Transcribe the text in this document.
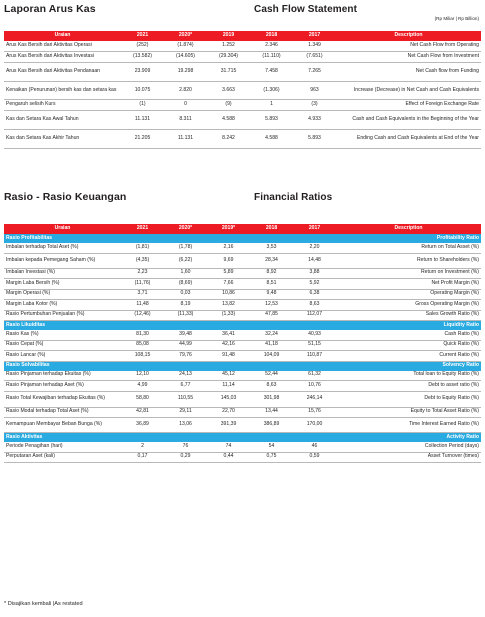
Laporan Arus Kas	Cash Flow Statement
(Rp Miliar | Rp Billion)
Uraian	2021	2020*	2019	2018	2017	Description
Arus Kas Bersih dari Aktivitas Operasi	(252)	(1.874)	1.252	2.346	1.349	Net Cash Flow from Operating
Arus Kas Bersih dari Aktivitas Investasi	(13.582)	(14.605)	(29.304)	(11.110)	(7.651)	Net Cash Flow from Investment
Arus Kas Bersih dari Aktivitas Pendanaan	23.909	19.298	31.715	7.458	7.265	Net Cash flow from Funding
Kenaikan (Penurunan) bersih kas dan setara kas	10.075	2.820	3.663	(1.306)	963	Increase (Decrease) in Net Cash and Cash Equivalents
Pengaruh selisih Kurs	(1)	0	(9)	1	(3)	Effect of Foreign Exchange Rate
Kas dan Setara Kas Awal Tahun	11.131	8.311	4.588	5.893	4.933	Cash and Cash Equivalents in the Beginning of the Year
Kas dan Setara Kas Akhir Tahun	21.205	11.131	8.242	4.588	5.893	Ending Cash and Cash Equivalents at End of the Year
Rasio - Rasio Keuangan	Financial Ratios
Uraian	2021	2020*	2019*	2018	2017	Description
Rasio Profitabilitas						Profitability Ratio
Imbalan terhadap Total Aset (%)	(1,81)	(1,78)	2,16	3,53	2,20	Return on Total Asset (%)
Imbalan kepada Pemegang Saham (%)	(4,35)	(6,22)	9,69	28,34	14,48	Return to Shareholders (%)
Imbalan Investasi (%)	2,23	1,60	5,89	8,92	3,88	Return on Investment (%)
Margin Laba Bersih (%)	(11,76)	(8,69)	7,66	8,51	5,92	Net Profit Margin (%)
Margin Operasi (%)	3,71	0,03	10,86	9,48	6,38	Operating Margin (%)
Margin Laba Kotor (%)	11,48	8,19	13,82	12,53	8,63	Gross Operating Margin (%)
Rasio Pertumbuhan Penjualan (%)	(12,46)	(11,33)	(1,33)	47,85	112,07	Sales Growth Ratio (%)
Rasio Likuiditas						Liquidity Ratio
Rasio Kas (%)	81,30	39,48	36,41	32,24	40,93	Cash Ratio (%)
Rasio Cepat (%)	85,08	44,99	42,16	41,18	51,15	Quick Ratio (%)
Rasio Lancar (%)	108,15	79,76	91,48	104,09	110,87	Current Ratio (%)
Rasio Solvabilitas						Solvency Ratio
Rasio Pinjaman terhadap Ekuitas (%)	12,10	24,13	45,12	52,44	61,32	Total loan to Equity Ratio (%)
Rasio Pinjaman terhadap Aset (%)	4,99	6,77	11,14	8,63	10,76	Debt to asset ratio (%)
Rasio Total Kewajiban terhadap Ekuitas (%)	58,80	110,55	145,03	301,98	246,14	Debt to Equity Ratio (%)
Rasio Modal terhadap Total Aset (%)	42,81	29,11	22,70	13,44	15,76	Equity to Total Asset Ratio (%)
Kemampuan Membayar Beban Bunga (%)	36,89	13,06	391,39	386,89	170,00	Time Interest Earned Ratio (%)
Rasio Aktivitas						Activity Ratio
Periode Penagihan (hari)	2	76	74	54	46	Collection Period (days)
Perputaran Aset (kali)	0,17	0,29	0,44	0,75	0,59	Asset Turnover (times)
* Disajikan kembali |As restated
